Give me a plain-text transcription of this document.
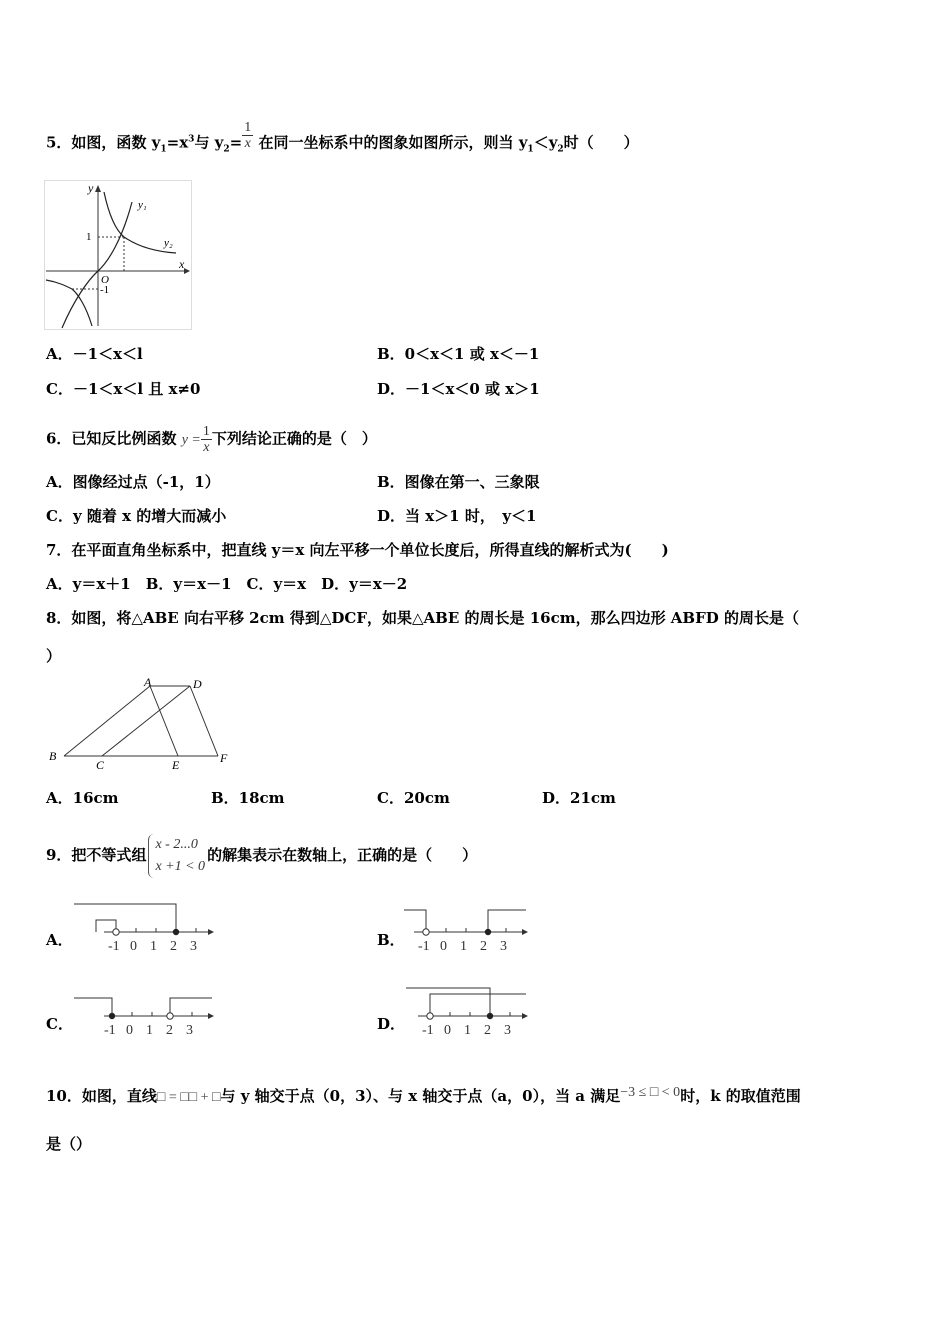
5．如图，函数 $y_1=x^3$与 $y_2= \frac{1}{x}$ 在同一坐标系中的图象如图所示，则当 $y_1<y_2$时（　　）
y
x
O
1
-1
y₁
y₂
A．－1＜x＜l	B．0＜x＜1 或 x＜－1
C．－1＜x＜l 且 x≠0	D．－1＜x＜0 或 x＞1
6．已知反比例函数 $y = \frac{1}{x}$ 下列结论正确的是（　）
A．图像经过点（-1，1）	B．图像在第一、三象限
C．y 随着 x 的增大而减小	D．当 x＞1 时，　y＜1
7．在平面直角坐标系中，把直线 y＝x 向左平移一个单位长度后，所得直线的解析式为(　　)
A．y＝x＋1　B．y＝x－1　C．y＝x　D．y＝x－2
8．如图，将△ABE 向右平移 2cm 得到△DCF，如果△ABE 的周长是 16cm，那么四边形 ABFD 的周长是（
）
A	D
B
C	E	F
A．16cm	B．18cm	C．20cm	D．21cm
9．把不等式组
x - 2...0
x +1 < 0
的解集表示在数轴上，正确的是（　　）
A．	-1 0 1 2 3	B． -1 0 1 2 3
C． -1 0 1 2 3	D． -1 0 1 2 3
10．如图，直线□ = □□ + □与 y 轴交于点（0，3）、与 x 轴交于点（a，0），当 a 满足−3 ≤ □ < 0时，k 的取值范围
是（）
